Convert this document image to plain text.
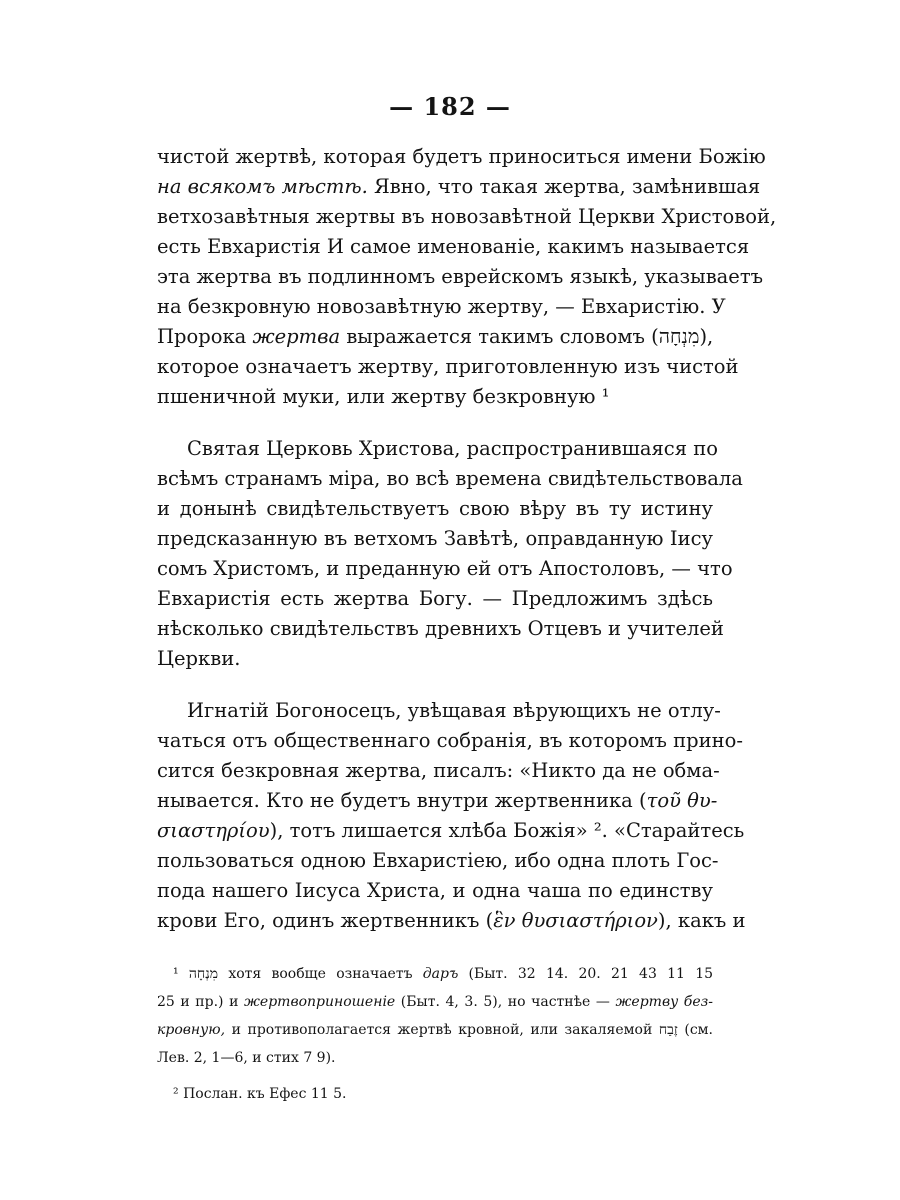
— 182 —
чистой жертвѣ, которая будетъ приноситься имени Божію
на всякомъ мѣстѣ. Явно, что такая жертва, замѣнившая
ветхозавѣтныя жертвы въ новозавѣтной Церкви Христовой,
есть Евхаристія И самое именованіе, какимъ называется
эта жертва въ подлинномъ еврейскомъ языкѣ, указываетъ
на безкровную новозавѣтную жертву, — Евхаристію. У
Пророка жертва выражается такимъ словомъ (מִנְחָה),
которое означаетъ жертву, приготовленную изъ чистой
пшеничной муки, или жертву безкровную ¹
Святая Церковь Христова, распространившаяся по
всѣмъ странамъ міра, во всѣ времена свидѣтельствовала
и донынѣ свидѣтельствуетъ свою вѣру въ ту истину
предсказанную въ ветхомъ Завѣтѣ, оправданную Іису
сомъ Христомъ, и преданную ей отъ Апостоловъ, — что
Евхаристія есть жертва Богу. — Предложимъ здѣсь
нѣсколько свидѣтельствъ древнихъ Отцевъ и учителей
Церкви.
Игнатій Богоносецъ, увѣщавая вѣрующихъ не отлу-
чаться отъ общественнаго собранія, въ которомъ прино-
сится безкровная жертва, писалъ: «Никто да не обма-
нывается. Кто не будетъ внутри жертвенника (τοῦ θυ-
σιαστηρίου), тотъ лишается хлѣба Божія» ². «Старайтесь
пользоваться одною Евхаристіею, ибо одна плоть Гос-
пода нашего Іисуса Христа, и одна чаша по единству
крови Его, одинъ жертвенникъ (ἓν θυσιαστήριον), какъ и
¹ מִנְחָה хотя вообще означаетъ даръ (Быт. 32 14. 20. 21 43 11 15
25 и пр.) и жертвоприношеніе (Быт. 4, 3. 5), но частнѣе — жертву без-
кровную, и противополагается жертвѣ кровной, или закаляемой זֶבַח (см.
Лев. 2, 1—6, и стих 7 9).
² Послан. къ Ефес 11 5.
